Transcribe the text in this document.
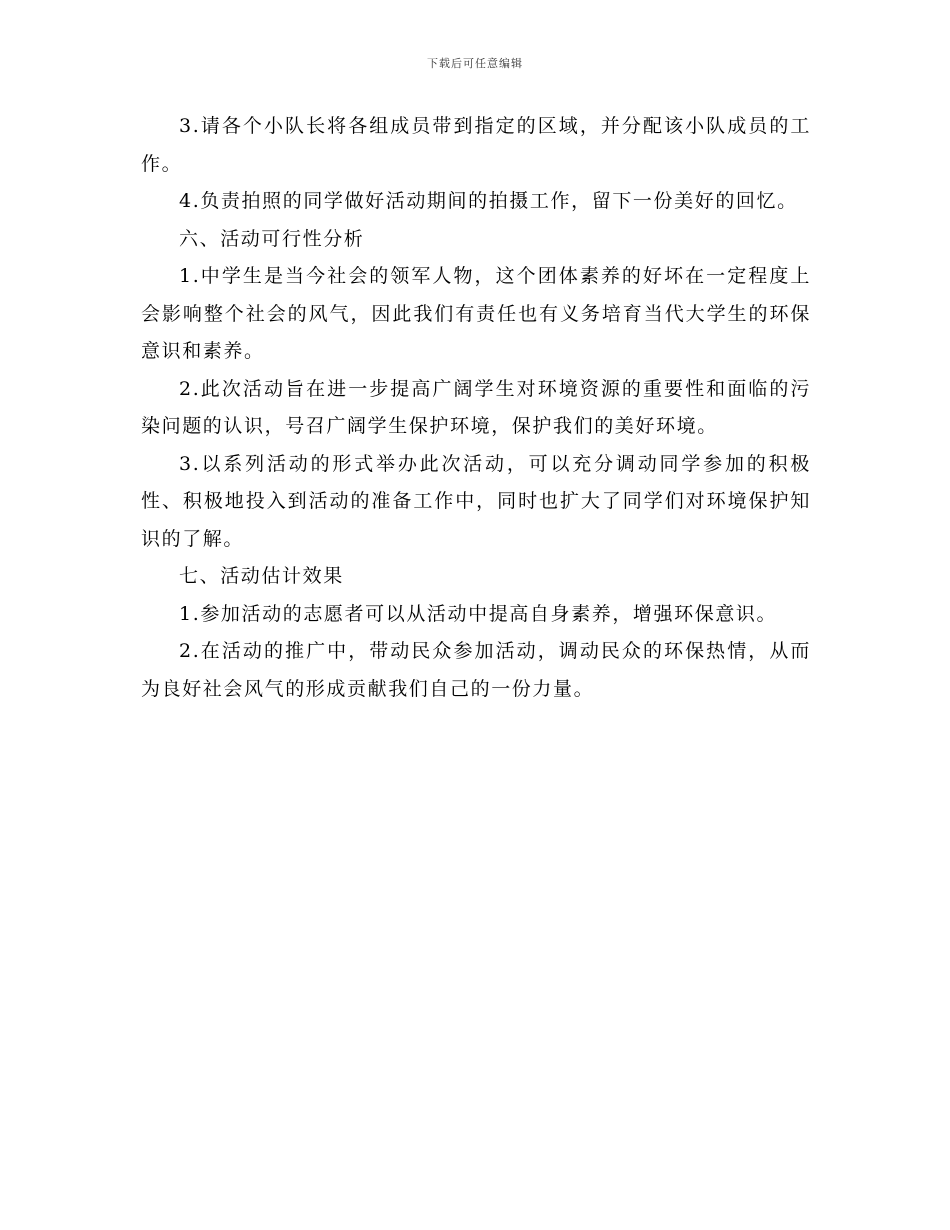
下载后可任意编辑

3.请各个小队长将各组成员带到指定的区域，并分配该小队成员的工作。

4.负责拍照的同学做好活动期间的拍摄工作，留下一份美好的回忆。

六、活动可行性分析

1.中学生是当今社会的领军人物，这个团体素养的好坏在一定程度上会影响整个社会的风气，因此我们有责任也有义务培育当代大学生的环保意识和素养。

2.此次活动旨在进一步提高广阔学生对环境资源的重要性和面临的污染问题的认识，号召广阔学生保护环境，保护我们的美好环境。

3.以系列活动的形式举办此次活动，可以充分调动同学参加的积极性、积极地投入到活动的准备工作中，同时也扩大了同学们对环境保护知识的了解。

七、活动估计效果

1.参加活动的志愿者可以从活动中提高自身素养，增强环保意识。

2.在活动的推广中，带动民众参加活动，调动民众的环保热情，从而为良好社会风气的形成贡献我们自己的一份力量。
